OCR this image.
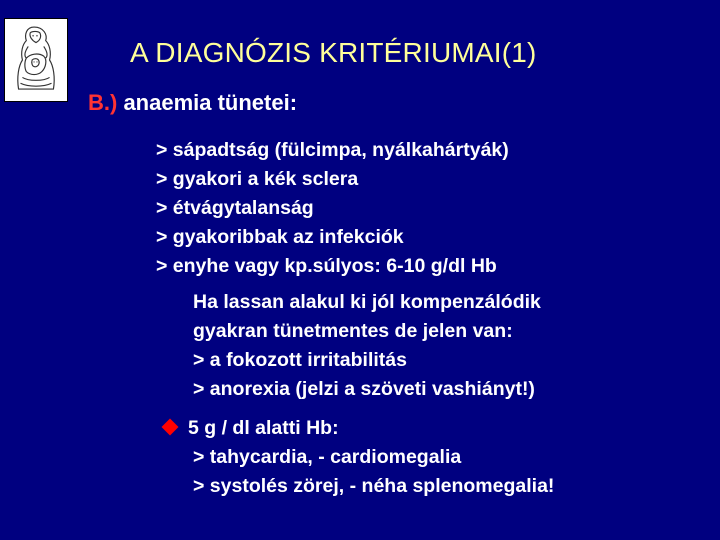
A DIAGNÓZIS KRITÉRIUMAI(1)
B.) anaemia tünetei:
> sápadtság (fülcimpa, nyálkahártyák)
> gyakori a kék sclera
> étvágytalanság
> gyakoribbak az infekciók
> enyhe vagy kp.súlyos: 6-10 g/dl Hb
Ha lassan alakul ki jól kompenzálódik
gyakran tünetmentes de jelen van:
> a fokozott irritabilitás
> anorexia (jelzi a szöveti vashiányt!)
5 g / dl alatti Hb:
> tahycardia, - cardiomegalia
> systolés zörej, - néha splenomegalia!
